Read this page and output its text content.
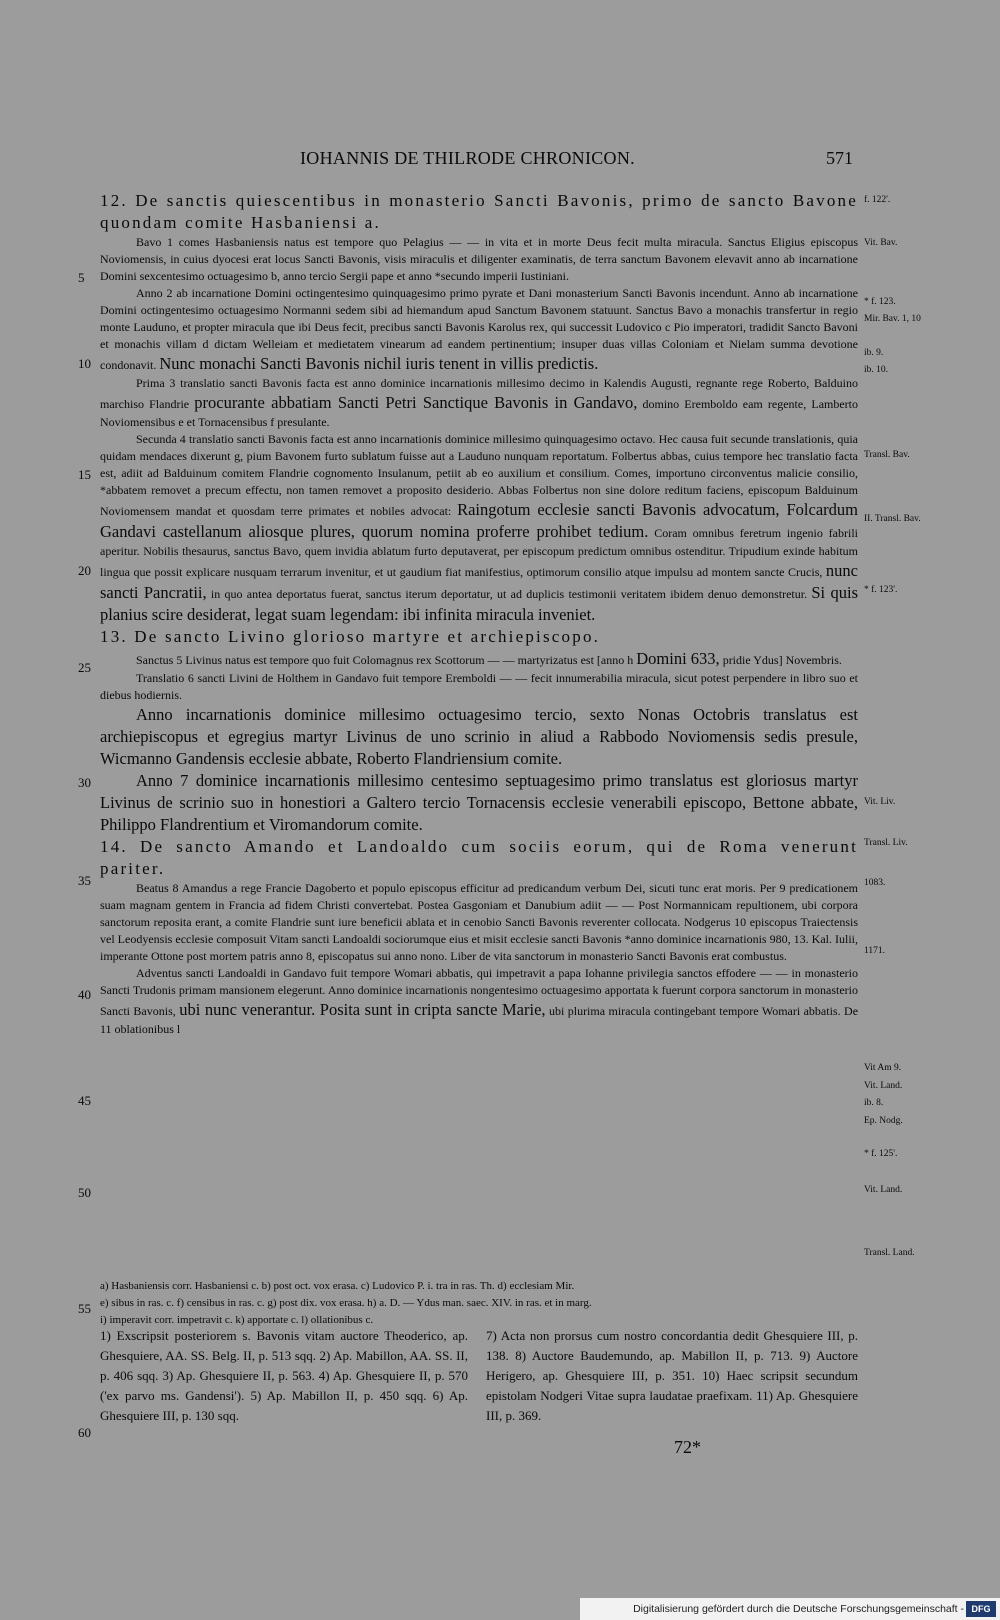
IOHANNIS DE THILRODE CHRONICON.	571
5
10
15
20
25
30
35
40
45
50
55
60
f. 122'.
Vit. Bav.
* f. 123.
Mir. Bav. 1, 10
ib. 9.
ib. 10.
Transl. Bav.
II. Transl. Bav.
* f. 123'.
Vit. Liv.
Transl. Liv.
1083.
1171.
Vit Am 9.
Vit. Land.
ib. 8.
Ep. Nodg.
* f. 125'.
Vit. Land.
Transl. Land.

12. De sanctis quiescentibus in monasterio Sancti Bavonis, primo de sancto Bavone quondam comite Hasbaniensi a.

Bavo 1 comes Hasbaniensis natus est tempore quo Pelagius — — in vita et in morte Deus fecit multa miracula. Sanctus Eligius episcopus Noviomensis, in cuius dyocesi erat locus Sancti Bavonis, visis miraculis et diligenter examinatis, de terra sanctum Bavonem elevavit anno ab incarnatione Domini sexcentesimo octuagesimo b, anno tercio Sergii pape et anno *secundo imperii Iustiniani.

Anno 2 ab incarnatione Domini octingentesimo quinquagesimo primo pyrate et Dani monasterium Sancti Bavonis incendunt. Anno ab incarnatione Domini octingentesimo octuagesimo Normanni sedem sibi ad hiemandum apud Sanctum Bavonem statuunt. Sanctus Bavo a monachis transfertur in regio monte Lauduno, et propter miracula que ibi Deus fecit, precibus sancti Bavonis Karolus rex, qui successit Ludovico c Pio imperatori, tradidit Sancto Bavoni et monachis villam d dictam Welleiam et medietatem vinearum ad eandem pertinentium; insuper duas villas Coloniam et Nielam summa devotione condonavit. Nunc monachi Sancti Bavonis nichil iuris tenent in villis predictis.

Prima 3 translatio sancti Bavonis facta est anno dominice incarnationis millesimo decimo in Kalendis Augusti, regnante rege Roberto, Balduino marchiso Flandrie procurante abbatiam Sancti Petri Sanctique Bavonis in Gandavo, domino Eremboldo eam regente, Lamberto Noviomensibus e et Tornacensibus f presulante.

Secunda 4 translatio sancti Bavonis facta est anno incarnationis dominice millesimo quinquagesimo octavo. Hec causa fuit secunde translationis, quia quidam mendaces dixerunt g, pium Bavonem furto sublatum fuisse aut a Lauduno nunquam reportatum. Folbertus abbas, cuius tempore hec translatio facta est, adiit ad Balduinum comitem Flandrie cognomento Insulanum, petiit ab eo auxilium et consilium. Comes, importuno circonventus malicie consilio, *abbatem removet a precum effectu, non tamen removet a proposito desiderio. Abbas Folbertus non sine dolore reditum faciens, episcopum Balduinum Noviomensem mandat et quosdam terre primates et nobiles advocat: Raingotum ecclesie sancti Bavonis advocatum, Folcardum Gandavi castellanum aliosque plures, quorum nomina proferre prohibet tedium. Coram omnibus feretrum ingenio fabrili aperitur. Nobilis thesaurus, sanctus Bavo, quem invidia ablatum furto deputaverat, per episcopum predictum omnibus ostenditur. Tripudium exinde habitum lingua que possit explicare nusquam terrarum invenitur, et ut gaudium fiat manifestius, optimorum consilio atque impulsu ad montem sancte Crucis, nunc sancti Pancratii, in quo antea deportatus fuerat, sanctus iterum deportatur, ut ad duplicis testimonii veritatem ibidem denuo demonstretur. Si quis planius scire desiderat, legat suam legendam: ibi infinita miracula inveniet.

13. De sancto Livino glorioso martyre et archiepiscopo.

Sanctus 5 Livinus natus est tempore quo fuit Colomagnus rex Scottorum — — martyrizatus est [anno h Domini 633, pridie Ydus] Novembris.

Translatio 6 sancti Livini de Holthem in Gandavo fuit tempore Eremboldi — — fecit innumerabilia miracula, sicut potest perpendere in libro suo et diebus hodiernis.

Anno incarnationis dominice millesimo octuagesimo tercio, sexto Nonas Octobris translatus est archiepiscopus et egregius martyr Livinus de uno scrinio in aliud a Rabbodo Noviomensis sedis presule, Wicmanno Gandensis ecclesie abbate, Roberto Flandriensium comite.

Anno 7 dominice incarnationis millesimo centesimo septuagesimo primo translatus est gloriosus martyr Livinus de scrinio suo in honestiori a Galtero tercio Tornacensis ecclesie venerabili episcopo, Bettone abbate, Philippo Flandrentium et Viromandorum comite.

14. De sancto Amando et Landoaldo cum sociis eorum, qui de Roma venerunt pariter.

Beatus 8 Amandus a rege Francie Dagoberto et populo episcopus efficitur ad predicandum verbum Dei, sicuti tunc erat moris. Per 9 predicationem suam magnam gentem in Francia ad fidem Christi convertebat. Postea Gasgoniam et Danubium adiit — — Post Normannicam repultionem, ubi corpora sanctorum reposita erant, a comite Flandrie sunt iure beneficii ablata et in cenobio Sancti Bavonis reverenter collocata. Nodgerus 10 episcopus Traiectensis vel Leodyensis ecclesie composuit Vitam sancti Landoaldi sociorumque eius et misit ecclesie sancti Bavonis *anno dominice incarnationis 980, 13. Kal. Iulii, imperante Ottone post mortem patris anno 8, episcopatus sui anno nono. Liber de vita sanctorum in monasterio Sancti Bavonis erat combustus.

Adventus sancti Landoaldi in Gandavo fuit tempore Womari abbatis, qui impetravit a papa Iohanne privilegia sanctos effodere — — in monasterio Sancti Trudonis primam mansionem elegerunt. Anno dominice incarnationis nongentesimo octuagesimo apportata k fuerunt corpora sanctorum in monasterio Sancti Bavonis, ubi nunc venerantur. Posita sunt in cripta sancte Marie, ubi plurima miracula contingebant tempore Womari abbatis. De 11 oblationibus l

a) Hasbaniensis corr. Hasbaniensi c. b) post oct. vox erasa. c) Ludovico P. i. tra in ras. Th. d) ecclesiam Mir.

e) sibus in ras. c. f) censibus in ras. c. g) post dix. vox erasa. h) a. D. — Ydus man. saec. XIV. in ras. et in marg.

i) imperavit corr. impetravit c. k) apportate c. l) ollationibus c.

1) Exscripsit posteriorem s. Bavonis vitam auctore Theoderico, ap. Ghesquiere, AA. SS. Belg. II, p. 513 sqq. 2) Ap. Mabillon, AA. SS. II, p. 406 sqq. 3) Ap. Ghesquiere II, p. 563. 4) Ap. Ghesquiere II, p. 570 ('ex parvo ms. Gandensi'). 5) Ap. Mabillon II, p. 450 sqq. 6) Ap. Ghesquiere III, p. 130 sqq.

7) Acta non prorsus cum nostro concordantia dedit Ghesquiere III, p. 138. 8) Auctore Baudemundo, ap. Mabillon II, p. 713. 9) Auctore Herigero, ap. Ghesquiere III, p. 351. 10) Haec scripsit secundum epistolam Nodgeri Vitae supra laudatae praefixam. 11) Ap. Ghesquiere III, p. 369.

72*
Digitalisierung gefördert durch die Deutsche Forschungsgemeinschaft - DFG
